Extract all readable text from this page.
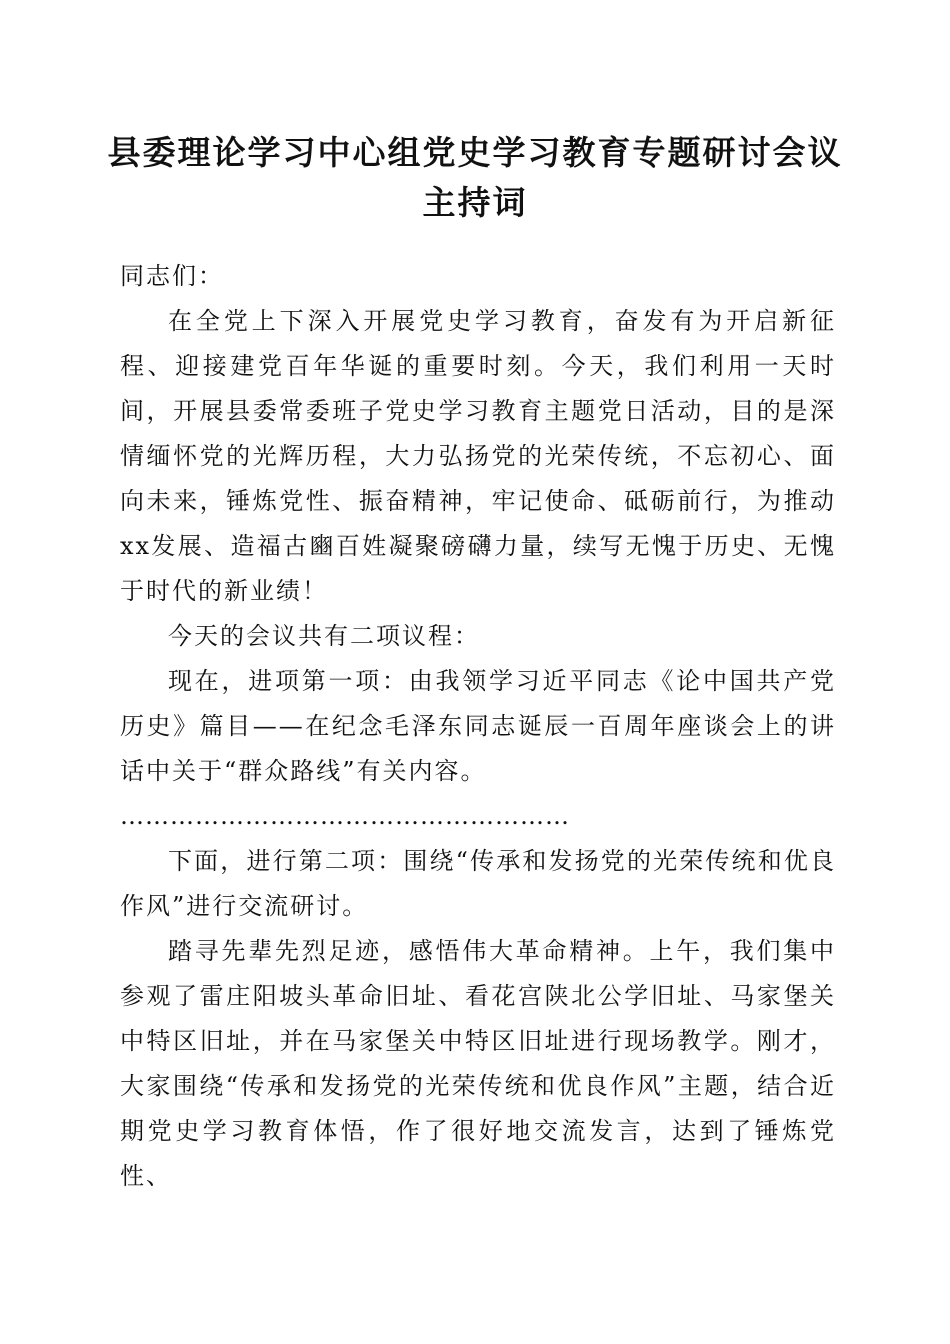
县委理论学习中心组党史学习教育专题研讨会议主持词

同志们：

在全党上下深入开展党史学习教育，奋发有为开启新征程、迎接建党百年华诞的重要时刻。今天，我们利用一天时间，开展县委常委班子党史学习教育主题党日活动，目的是深情缅怀党的光辉历程，大力弘扬党的光荣传统，不忘初心、面向未来，锤炼党性、振奋精神，牢记使命、砥砺前行，为推动xx发展、造福古豳百姓凝聚磅礴力量，续写无愧于历史、无愧于时代的新业绩！

今天的会议共有二项议程：

现在，进项第一项：由我领学习近平同志《论中国共产党历史》篇目——在纪念毛泽东同志诞辰一百周年座谈会上的讲话中关于“群众路线”有关内容。

………………………………………………

下面，进行第二项：围绕“传承和发扬党的光荣传统和优良作风”进行交流研讨。

踏寻先辈先烈足迹，感悟伟大革命精神。上午，我们集中参观了雷庄阳坡头革命旧址、看花宫陕北公学旧址、马家堡关中特区旧址，并在马家堡关中特区旧址进行现场教学。刚才，大家围绕“传承和发扬党的光荣传统和优良作风”主题，结合近期党史学习教育体悟，作了很好地交流发言，达到了锤炼党性、
